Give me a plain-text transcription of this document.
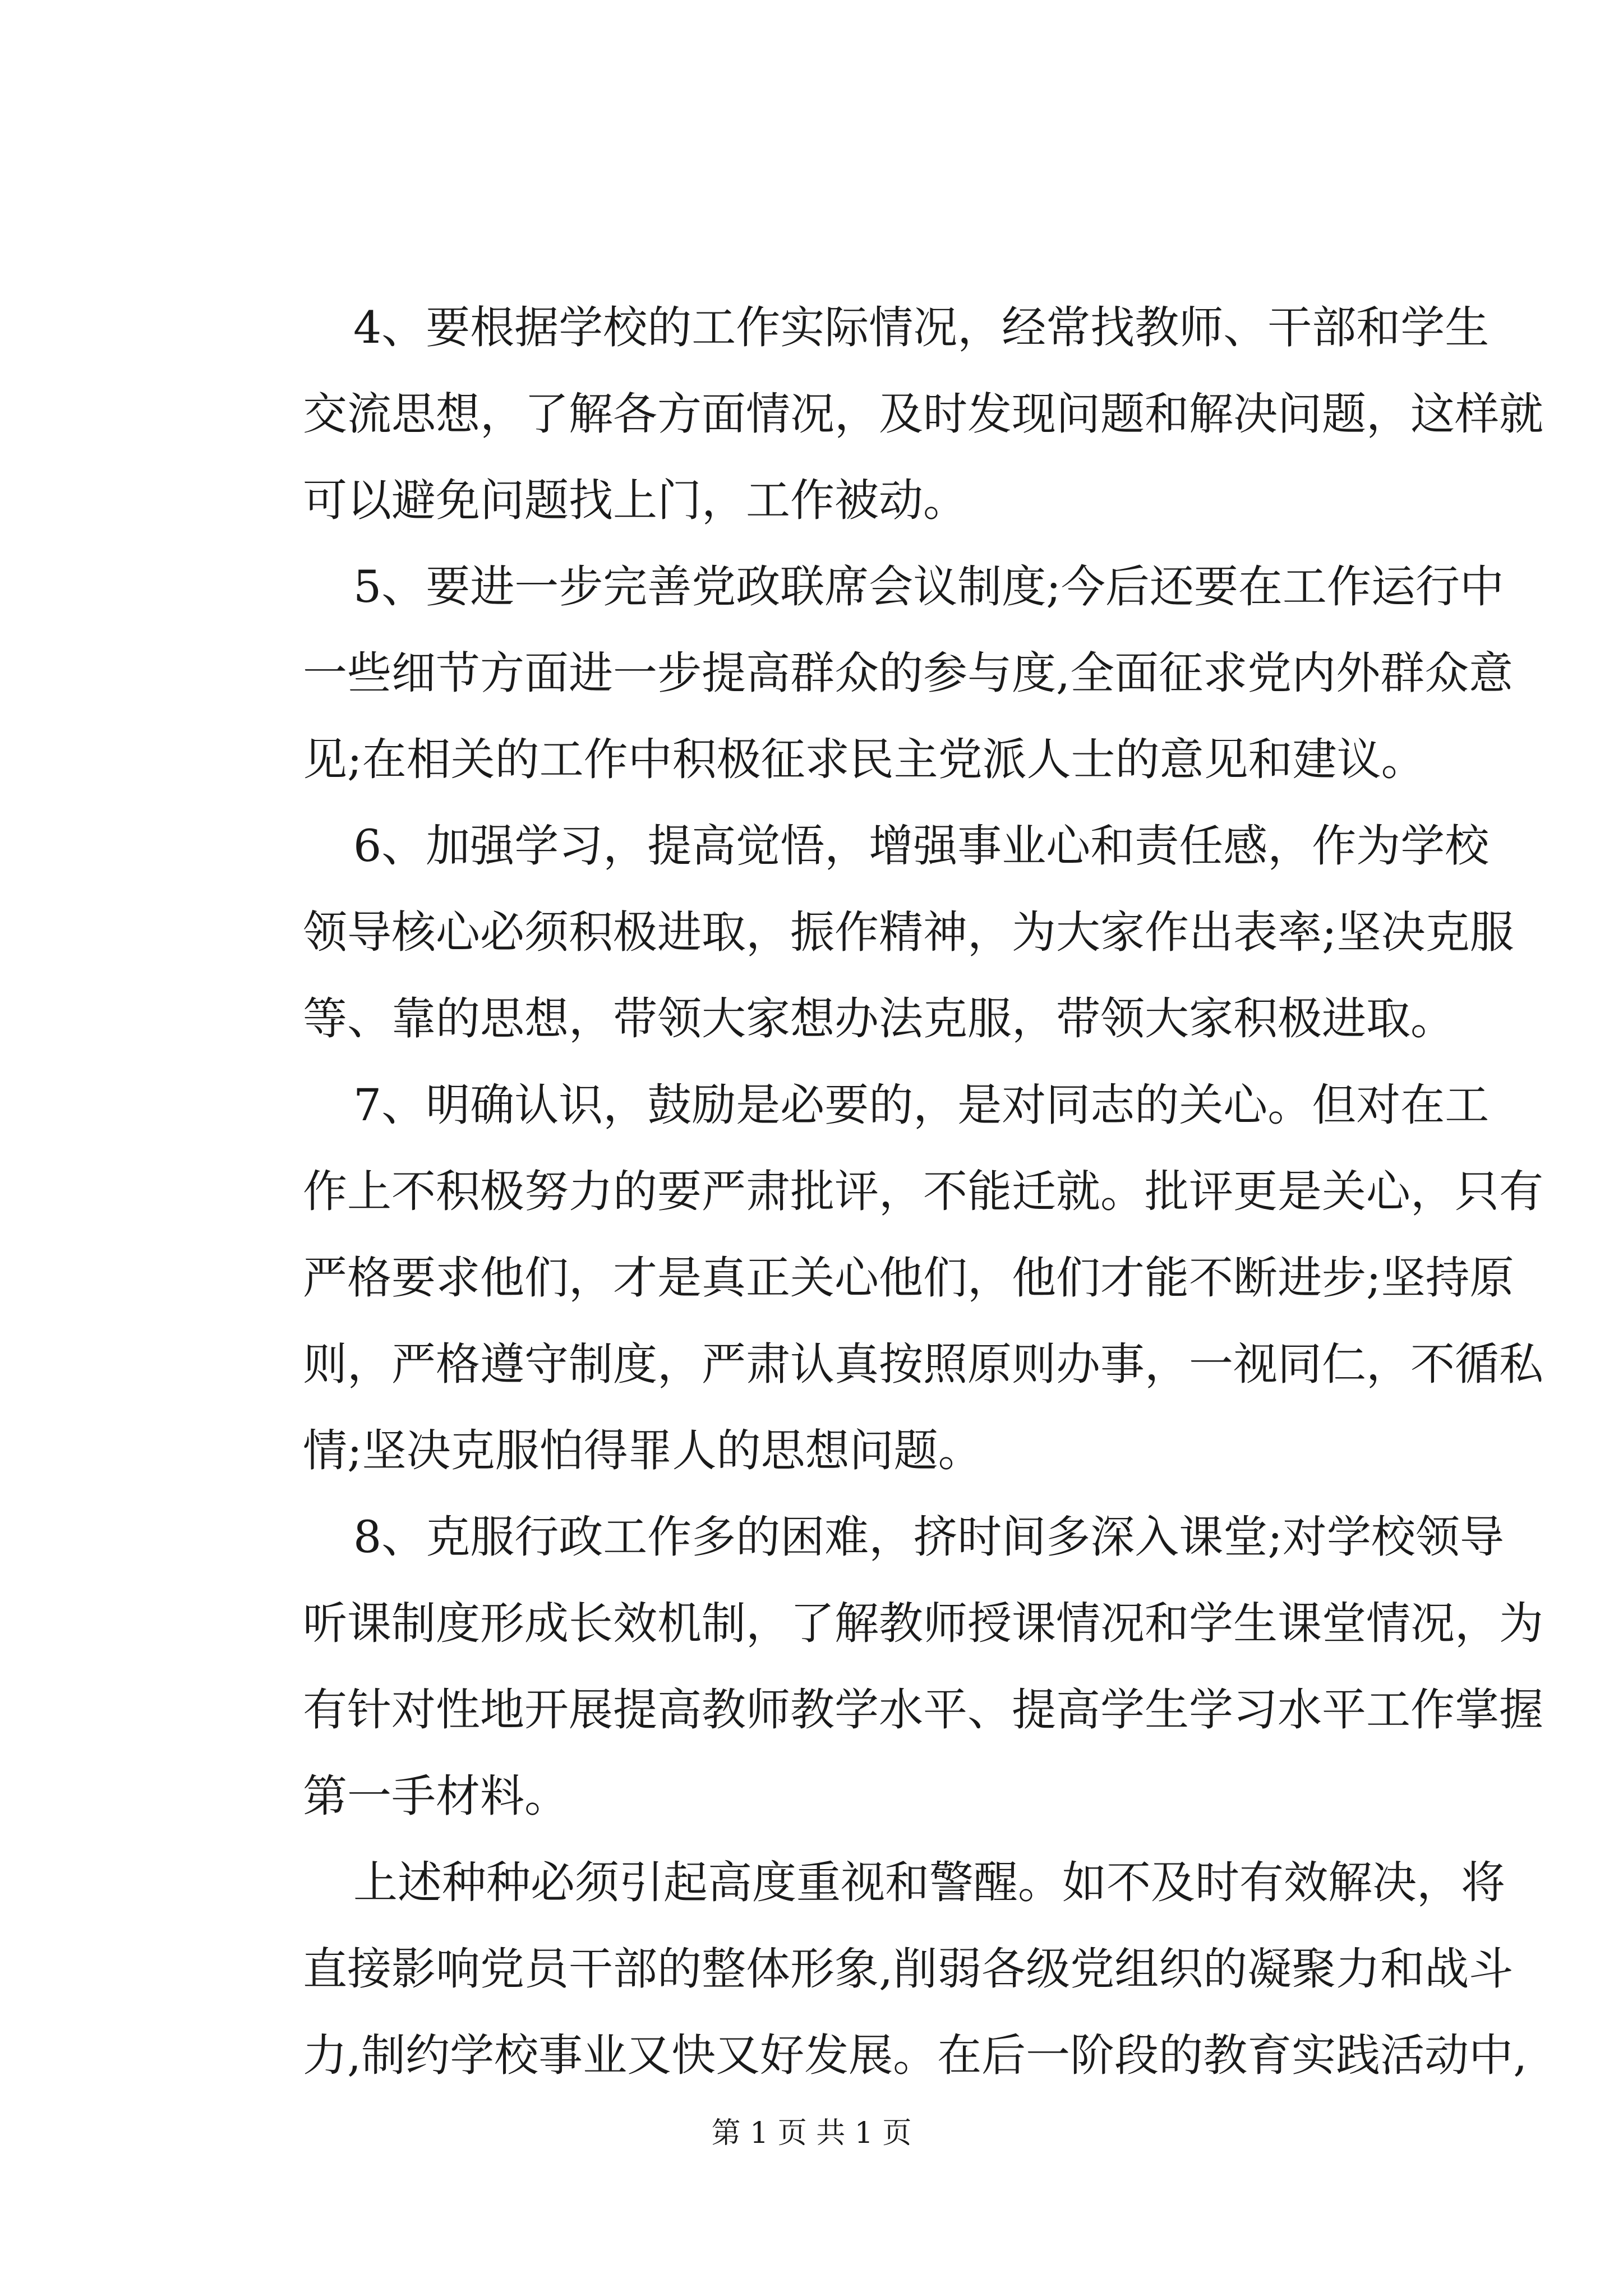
4、要根据学校的工作实际情况，经常找教师、干部和学生
交流思想，了解各方面情况，及时发现问题和解决问题，这样就
可以避免问题找上门，工作被动。
5、要进一步完善党政联席会议制度;今后还要在工作运行中
一些细节方面进一步提高群众的参与度,全面征求党内外群众意
见;在相关的工作中积极征求民主党派人士的意见和建议。
6、加强学习，提高觉悟，增强事业心和责任感，作为学校
领导核心必须积极进取，振作精神，为大家作出表率;坚决克服
等、靠的思想，带领大家想办法克服，带领大家积极进取。
7、明确认识，鼓励是必要的，是对同志的关心。但对在工
作上不积极努力的要严肃批评，不能迁就。批评更是关心，只有
严格要求他们，才是真正关心他们，他们才能不断进步;坚持原
则，严格遵守制度，严肃认真按照原则办事，一视同仁，不循私
情;坚决克服怕得罪人的思想问题。
8、克服行政工作多的困难，挤时间多深入课堂;对学校领导
听课制度形成长效机制，了解教师授课情况和学生课堂情况，为
有针对性地开展提高教师教学水平、提高学生学习水平工作掌握
第一手材料。
上述种种必须引起高度重视和警醒。如不及时有效解决，将
直接影响党员干部的整体形象,削弱各级党组织的凝聚力和战斗
力,制约学校事业又快又好发展。在后一阶段的教育实践活动中,
第 1 页 共 1 页
